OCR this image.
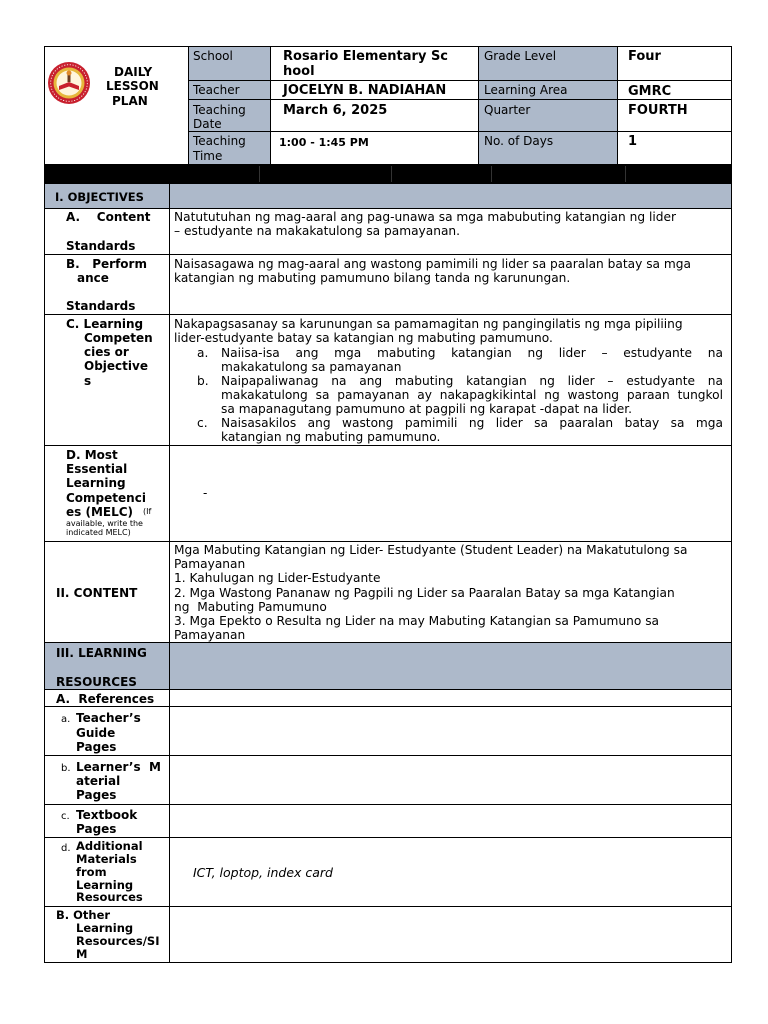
DAILY
LESSON
PLAN
School
Teacher
Teaching
Date
Teaching
Time
Rosario Elementary Sc
hool
JOCELYN B. NADIAHAN
March 6, 2025
1:00 - 1:45 PM
Grade Level
Learning Area
Quarter
No. of Days
Four
GMRC
FOURTH
1
I. OBJECTIVES
A.    Content
Standards
Natututuhan ng mag-aaral ang pag-unawa sa mga mabubuting katangian ng lider
– estudyante na makakatulong sa pamayanan.
B.   Perform
ance
Standards
Naisasagawa ng mag-aaral ang wastong pamimili ng lider sa paaralan batay sa mga
katangian ng mabuting pamumuno bilang tanda ng karunungan.
C. Learning
Competen
cies or
Objective
s
Nakapagsasanay sa karunungan sa pamamagitan ng pangingilatis ng mga pipiliing
lider-estudyante batay sa katangian ng mabuting pamumuno.
a. Naiisa-isa ang mga mabuting katangian ng lider – estudyante na
makakatulong sa pamayanan
b. Naipapaliwanag na ang mabuting katangian ng lider – estudyante na
makakatulong sa pamayanan ay nakapagkikintal ng wastong paraan tungkol
sa mapanagutang pamumuno at pagpili ng karapat -dapat na lider.
c. Naisasakilos ang wastong pamimili ng lider sa paaralan batay sa mga
katangian ng mabuting pamumuno.
D. Most
Essential
Learning
Competenci
es (MELC) (If
available, write the
indicated MELC)
-
II. CONTENT
Mga Mabuting Katangian ng Lider- Estudyante (Student Leader) na Makatutulong sa
Pamayanan
1. Kahulugan ng Lider-Estudyante
2. Mga Wastong Pananaw ng Pagpili ng Lider sa Paaralan Batay sa mga Katangian
ng  Mabuting Pamumuno
3. Mga Epekto o Resulta ng Lider na may Mabuting Katangian sa Pamumuno sa
Pamayanan
III. LEARNING
RESOURCES
A.  References
a. Teacher’s
Guide
Pages
b. Learner’s  M
aterial
Pages
c. Textbook
Pages
d. Additional
Materials
from
Learning
Resources
ICT, loptop, index card
B. Other
Learning
Resources/SI
M
